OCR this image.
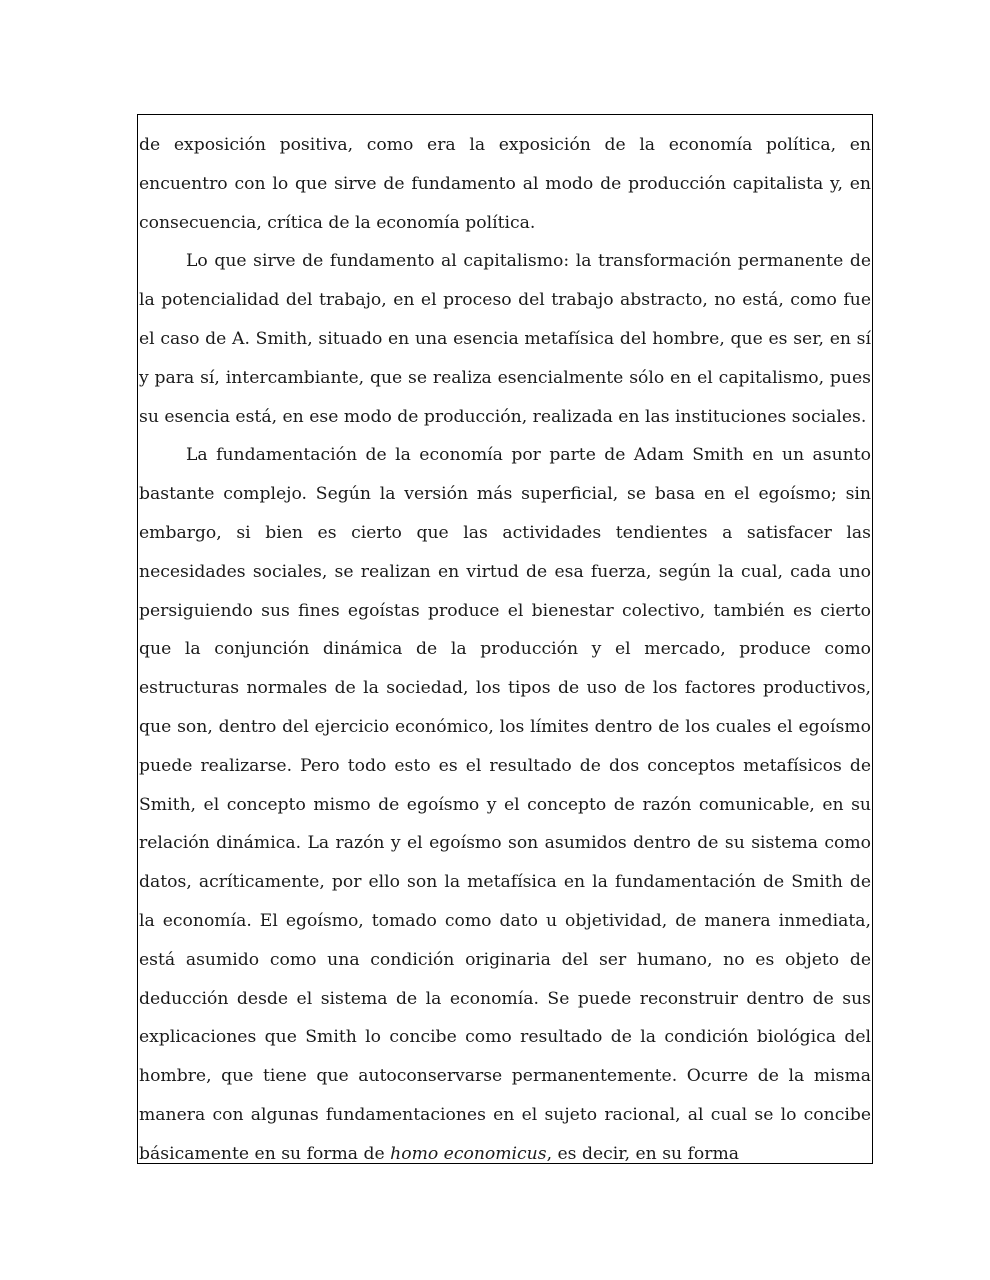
de exposición positiva, como era la exposición de la economía política, en encuentro con lo que sirve de fundamento al modo de producción capitalista y, en consecuencia, crítica de la economía política.

Lo que sirve de fundamento al capitalismo: la transformación permanente de la potencialidad del trabajo, en el proceso del trabajo abstracto, no está, como fue el caso de A. Smith, situado en una esencia metafísica del hombre, que es ser, en sí y para sí, intercambiante, que se realiza esencialmente sólo en el capitalismo, pues su esencia está, en ese modo de producción, realizada en las instituciones sociales.

La fundamentación de la economía por parte de Adam Smith en un asunto bastante complejo. Según la versión más superficial, se basa en el egoísmo; sin embargo, si bien es cierto que las actividades tendientes a satisfacer las necesidades sociales, se realizan en virtud de esa fuerza, según la cual, cada uno persiguiendo sus fines egoístas produce el bienestar colectivo, también es cierto que la conjunción dinámica de la producción y el mercado, produce como estructuras normales de la sociedad, los tipos de uso de los factores productivos, que son, dentro del ejercicio económico, los límites dentro de los cuales el egoísmo puede realizarse. Pero todo esto es el resultado de dos conceptos metafísicos de Smith, el concepto mismo de egoísmo y el concepto de razón comunicable, en su relación dinámica. La razón y el egoísmo son asumidos dentro de su sistema como datos, acríticamente, por ello son la metafísica en la fundamentación de Smith de la economía. El egoísmo, tomado como dato u objetividad, de manera inmediata, está asumido como una condición originaria del ser humano, no es objeto de deducción desde el sistema de la economía. Se puede reconstruir dentro de sus explicaciones que Smith lo concibe como resultado de la condición biológica del hombre, que tiene que autoconservarse permanentemente. Ocurre de la misma manera con algunas fundamentaciones en el sujeto racional, al cual se lo concibe básicamente en su forma de homo economicus, es decir, en su forma
